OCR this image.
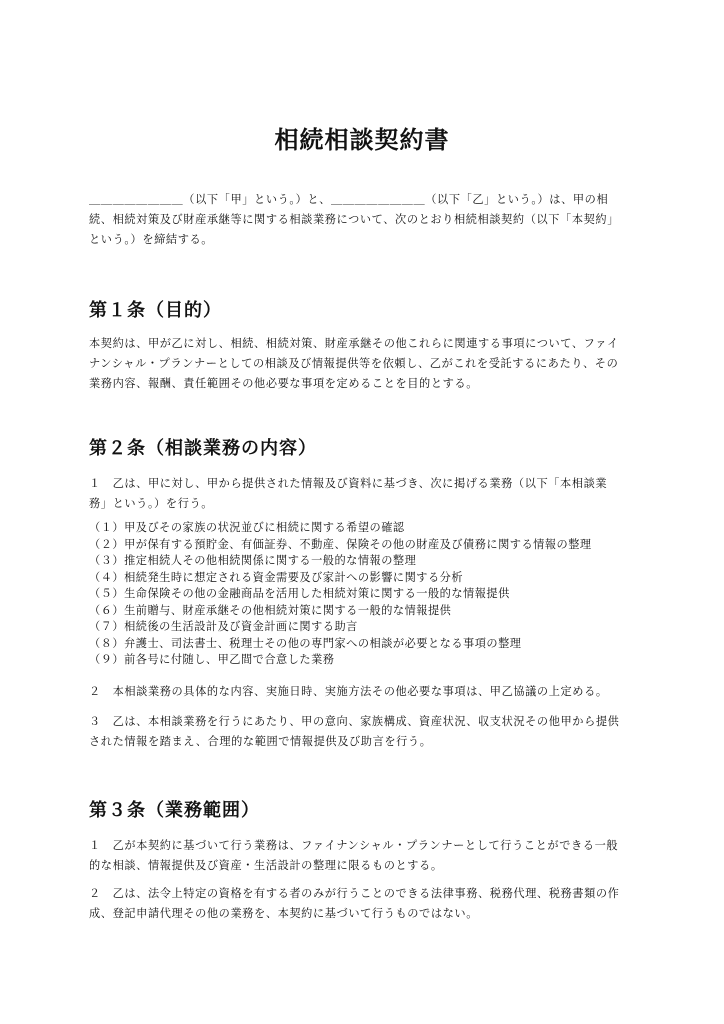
相続相談契約書

＿＿＿＿＿＿＿＿（以下「甲」という。）と、＿＿＿＿＿＿＿＿（以下「乙」という。）は、甲の相
続、相続対策及び財産承継等に関する相談業務について、次のとおり相続相談契約（以下「本契約」
という。）を締結する。

第１条（目的）

本契約は、甲が乙に対し、相続、相続対策、財産承継その他これらに関連する事項について、ファイ
ナンシャル・プランナーとしての相談及び情報提供等を依頼し、乙がこれを受託するにあたり、その
業務内容、報酬、責任範囲その他必要な事項を定めることを目的とする。

第２条（相談業務の内容）

１　乙は、甲に対し、甲から提供された情報及び資料に基づき、次に掲げる業務（以下「本相談業
務」という。）を行う。

（１）甲及びその家族の状況並びに相続に関する希望の確認
（２）甲が保有する預貯金、有価証券、不動産、保険その他の財産及び債務に関する情報の整理
（３）推定相続人その他相続関係に関する一般的な情報の整理
（４）相続発生時に想定される資金需要及び家計への影響に関する分析
（５）生命保険その他の金融商品を活用した相続対策に関する一般的な情報提供
（６）生前贈与、財産承継その他相続対策に関する一般的な情報提供
（７）相続後の生活設計及び資金計画に関する助言
（８）弁護士、司法書士、税理士その他の専門家への相談が必要となる事項の整理
（９）前各号に付随し、甲乙間で合意した業務

２　本相談業務の具体的な内容、実施日時、実施方法その他必要な事項は、甲乙協議の上定める。

３　乙は、本相談業務を行うにあたり、甲の意向、家族構成、資産状況、収支状況その他甲から提供
された情報を踏まえ、合理的な範囲で情報提供及び助言を行う。

第３条（業務範囲）

１　乙が本契約に基づいて行う業務は、ファイナンシャル・プランナーとして行うことができる一般
的な相談、情報提供及び資産・生活設計の整理に限るものとする。

２　乙は、法令上特定の資格を有する者のみが行うことのできる法律事務、税務代理、税務書類の作
成、登記申請代理その他の業務を、本契約に基づいて行うものではない。
